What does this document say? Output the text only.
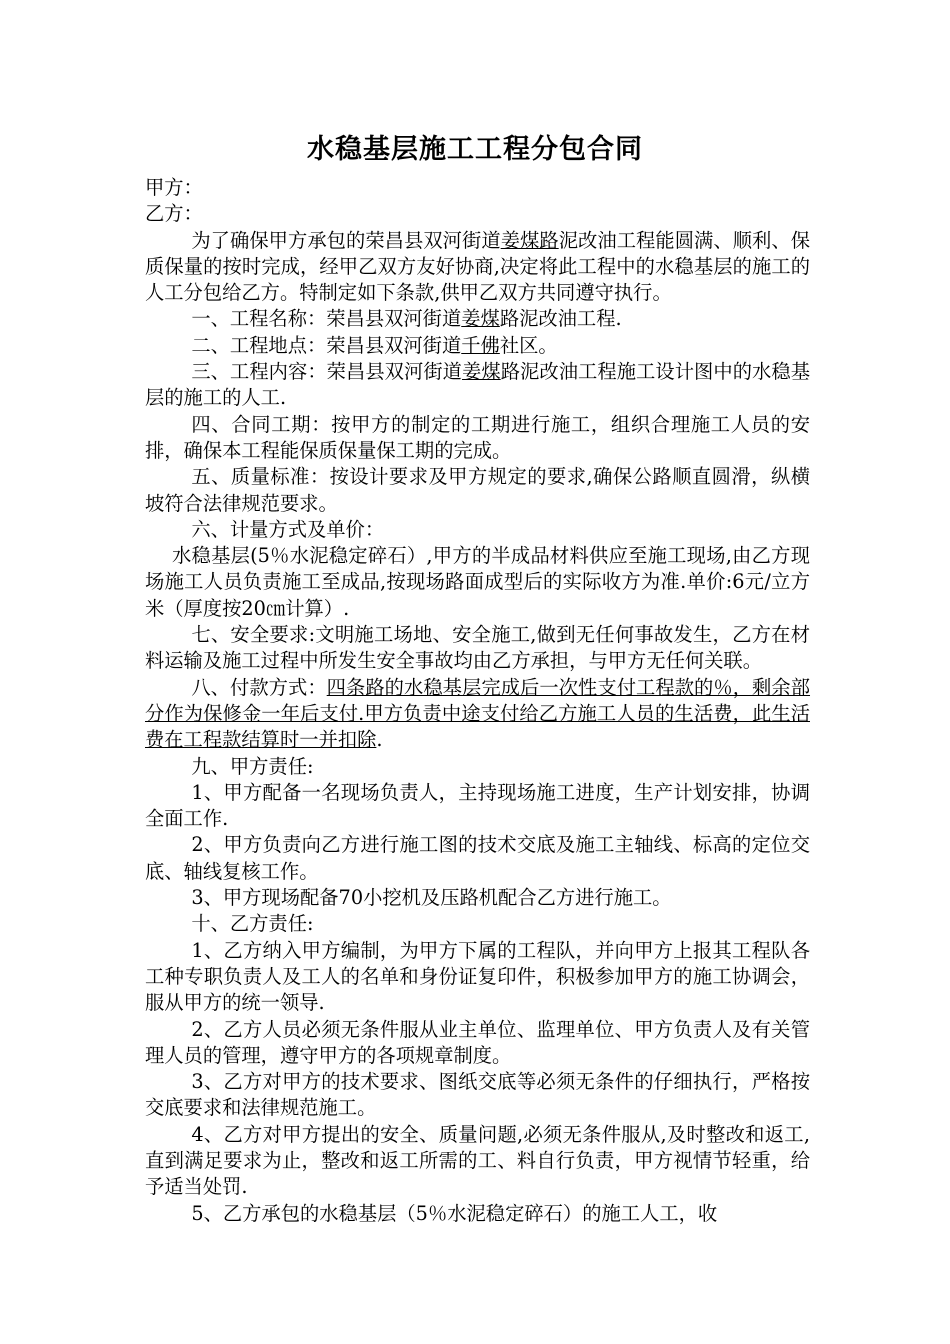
水稳基层施工工程分包合同

甲方：

乙方：

为了确保甲方承包的荣昌县双河街道姜煤路泥改油工程能圆满、顺利、保质保量的按时完成，经甲乙双方友好协商,决定将此工程中的水稳基层的施工的人工分包给乙方。特制定如下条款,供甲乙双方共同遵守执行。

一、工程名称：荣昌县双河街道姜煤路泥改油工程.

二、工程地点：荣昌县双河街道千佛社区。

三、工程内容：荣昌县双河街道姜煤路泥改油工程施工设计图中的水稳基层的施工的人工.

四、合同工期：按甲方的制定的工期进行施工，组织合理施工人员的安排，确保本工程能保质保量保工期的完成。

五、质量标准：按设计要求及甲方规定的要求,确保公路顺直圆滑，纵横坡符合法律规范要求。

六、计量方式及单价：

水稳基层(5％水泥稳定碎石）,甲方的半成品材料供应至施工现场,由乙方现场施工人员负责施工至成品,按现场路面成型后的实际收方为准.单价:6元/立方米（厚度按20㎝计算）.

七、安全要求:文明施工场地、安全施工,做到无任何事故发生，乙方在材料运输及施工过程中所发生安全事故均由乙方承担，与甲方无任何关联。

八、付款方式：四条路的水稳基层完成后一次性支付工程款的％，剩余部分作为保修金一年后支付.甲方负责中途支付给乙方施工人员的生活费，此生活费在工程款结算时一并扣除.

九、甲方责任:

1、甲方配备一名现场负责人，主持现场施工进度，生产计划安排，协调全面工作.

2、甲方负责向乙方进行施工图的技术交底及施工主轴线、标高的定位交底、轴线复核工作。

3、甲方现场配备70小挖机及压路机配合乙方进行施工。

十、乙方责任:

1、乙方纳入甲方编制，为甲方下属的工程队，并向甲方上报其工程队各工种专职负责人及工人的名单和身份证复印件，积极参加甲方的施工协调会，服从甲方的统一领导.

2、乙方人员必须无条件服从业主单位、监理单位、甲方负责人及有关管理人员的管理，遵守甲方的各项规章制度。

3、乙方对甲方的技术要求、图纸交底等必须无条件的仔细执行，严格按交底要求和法律规范施工。

4、乙方对甲方提出的安全、质量问题,必须无条件服从,及时整改和返工,直到满足要求为止，整改和返工所需的工、料自行负责，甲方视情节轻重，给予适当处罚.

5、乙方承包的水稳基层（5％水泥稳定碎石）的施工人工，收
